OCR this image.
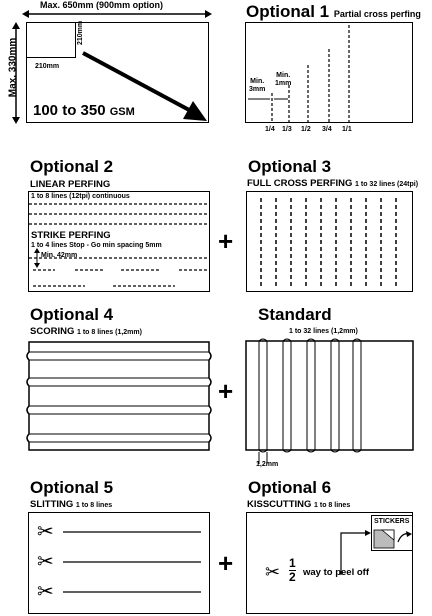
Max. 650mm (900mm option)
Max. 330mm 210mm
210mm
100 to 350 GSM
Optional 1 Partial cross perfing
Min.
3mm
Min.
1mm
1/4 1/3 1/2 3/4 1/1
Optional 2
LINEAR PERFING
1 to 8 lines (12tpi) continuous
STRIKE PERFING
1 to 4 lines Stop - Go min spacing 5mm
Min. 42mm	+
Optional 3
FULL CROSS PERFING 1 to 32 lines (24tpi)
Optional 4
SCORING 1 to 8 lines (1,2mm)
+
Standard
1 to 32 lines (1,2mm)
1,2mm
Optional 5
SLITTING 1 to 8 lines
✂
✂
✂
+
Optional 6
KISSCUTTING 1 to 8 lines
STICKERS
✂ 1
2 way to peel off
